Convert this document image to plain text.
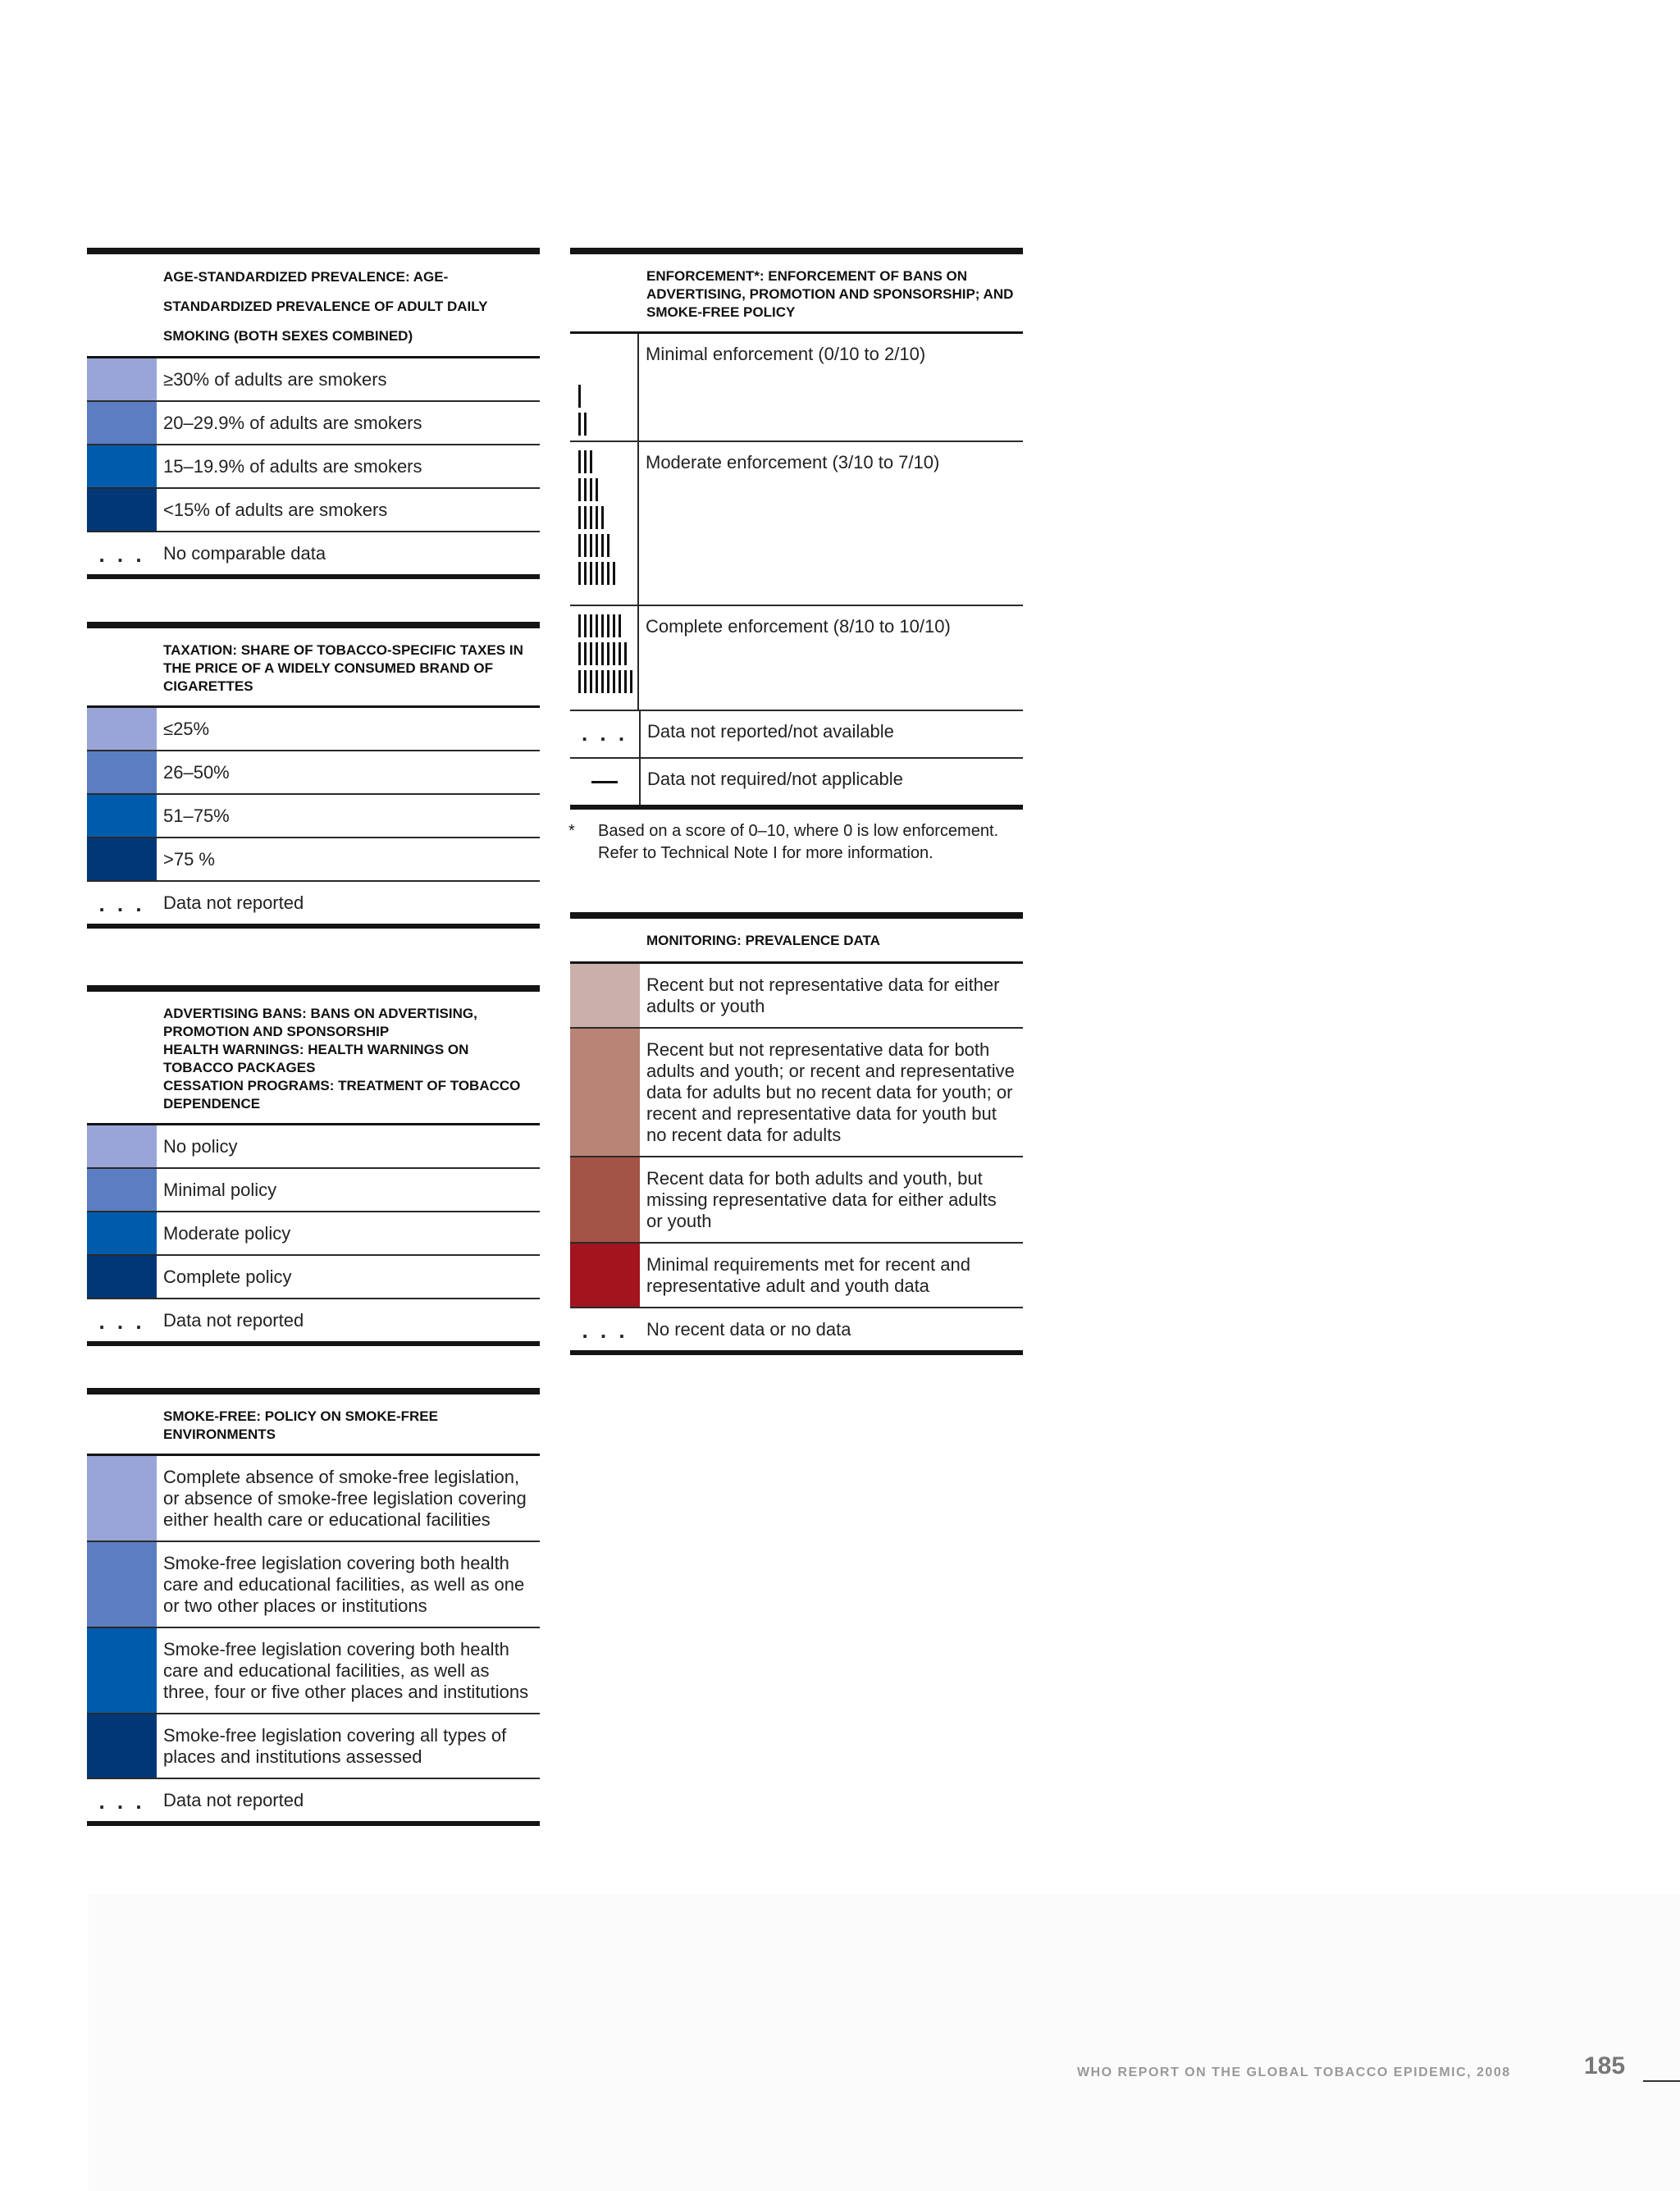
AGE-STANDARDIZED PREVALENCE: AGE-STANDARDIZED PREVALENCE OF ADULT DAILY SMOKING (BOTH SEXES COMBINED)
≥30% of adults are smokers
20–29.9% of adults are smokers
15–19.9% of adults are smokers
<15% of adults are smokers
. . .	No comparable data
TAXATION: SHARE OF TOBACCO-SPECIFIC TAXES IN THE PRICE OF A WIDELY CONSUMED BRAND OF CIGARETTES
≤25%
26–50%
51–75%
>75 %
. . .	Data not reported
ADVERTISING BANS: BANS ON ADVERTISING, PROMOTION AND SPONSORSHIP
HEALTH WARNINGS: HEALTH WARNINGS ON TOBACCO PACKAGES
CESSATION PROGRAMS: TREATMENT OF TOBACCO DEPENDENCE
No policy
Minimal policy
Moderate policy
Complete policy
. . .	Data not reported
SMOKE-FREE: POLICY ON SMOKE-FREE ENVIRONMENTS
Complete absence of smoke-free legislation, or absence of smoke-free legislation covering either health care or educational facilities
Smoke-free legislation covering both health care and educational facilities, as well as one or two other places or institutions
Smoke-free legislation covering both health care and educational facilities, as well as three, four or five other places and institutions
Smoke-free legislation covering all types of places and institutions assessed
. . .	Data not reported
ENFORCEMENT*: ENFORCEMENT OF BANS ON ADVERTISING, PROMOTION AND SPONSORSHIP; AND SMOKE-FREE POLICY
Minimal enforcement (0/10 to 2/10)
Moderate enforcement (3/10 to 7/10)
Complete enforcement (8/10 to 10/10)
. . .	Data not reported/not available
Data not required/not applicable
*	Based on a score of 0–10, where 0 is low enforcement. Refer to Technical Note I for more information.
MONITORING: PREVALENCE DATA
Recent but not representative data for either adults or youth
Recent but not representative data for both adults and youth; or recent and representative data for adults but no recent data for youth; or recent and representative data for youth but no recent data for adults
Recent data for both adults and youth, but missing representative data for either adults or youth
Minimal requirements met for recent and representative adult and youth data
. . .	No recent data or no data
WHO REPORT ON THE GLOBAL TOBACCO EPIDEMIC, 2008	185
